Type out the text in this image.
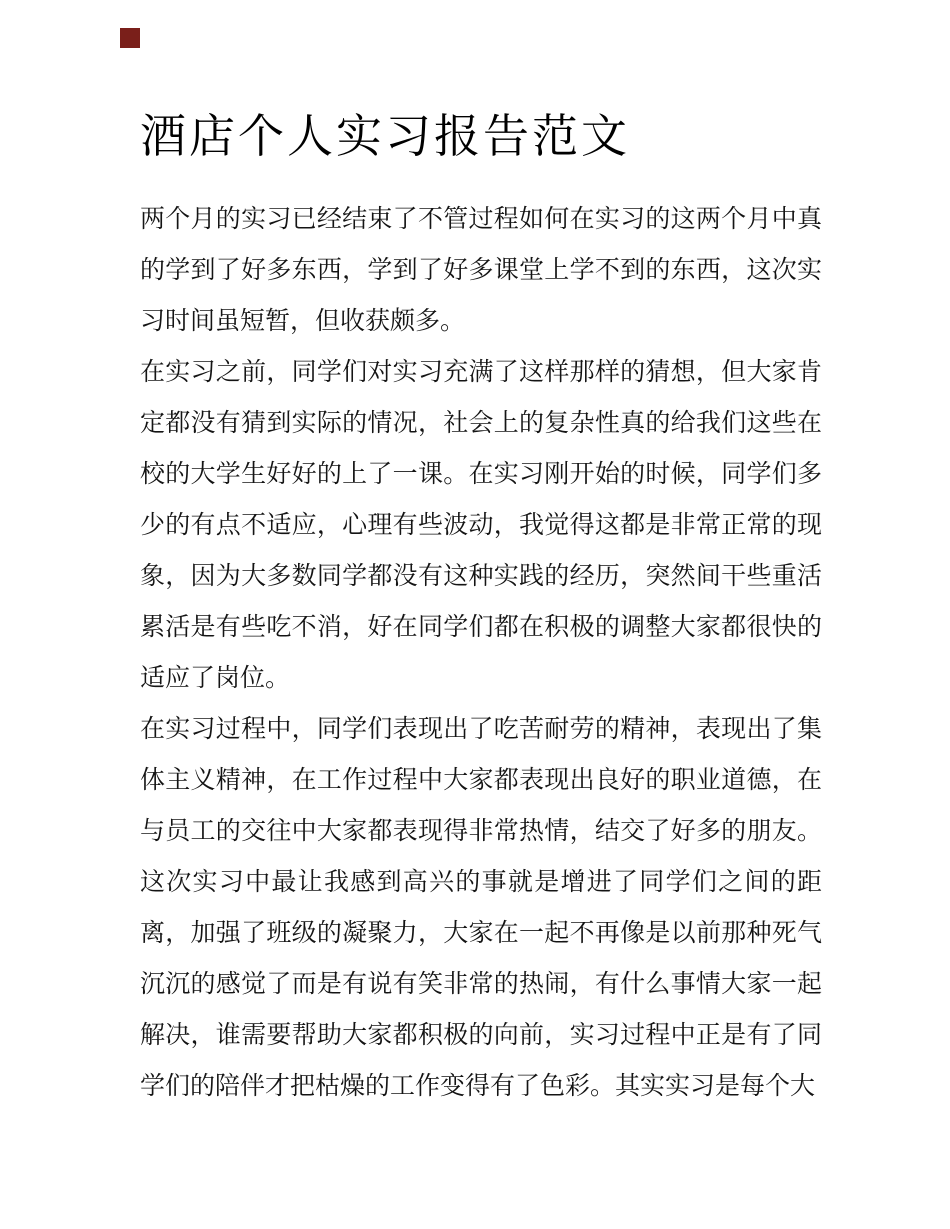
酒店个人实习报告范文

两个月的实习已经结束了不管过程如何在实习的这两个月中真的学到了好多东西，学到了好多课堂上学不到的东西，这次实习时间虽短暂，但收获颇多。

在实习之前，同学们对实习充满了这样那样的猜想，但大家肯定都没有猜到实际的情况，社会上的复杂性真的给我们这些在校的大学生好好的上了一课。在实习刚开始的时候，同学们多少的有点不适应，心理有些波动，我觉得这都是非常正常的现象，因为大多数同学都没有这种实践的经历，突然间干些重活累活是有些吃不消，好在同学们都在积极的调整大家都很快的适应了岗位。

在实习过程中，同学们表现出了吃苦耐劳的精神，表现出了集体主义精神，在工作过程中大家都表现出良好的职业道德，在与员工的交往中大家都表现得非常热情，结交了好多的朋友。这次实习中最让我感到高兴的事就是增进了同学们之间的距离，加强了班级的凝聚力，大家在一起不再像是以前那种死气沉沉的感觉了而是有说有笑非常的热闹，有什么事情大家一起解决，谁需要帮助大家都积极的向前，实习过程中正是有了同学们的陪伴才把枯燥的工作变得有了色彩。其实实习是每个大
